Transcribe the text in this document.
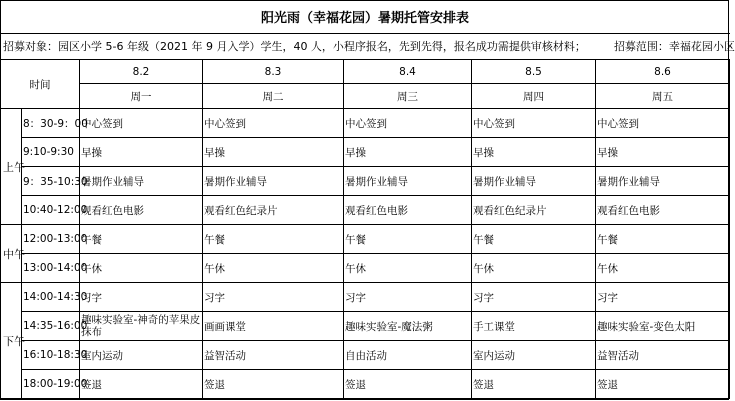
阳光雨（幸福花园）暑期托管安排表
招募对象：园区小学 5-6 年级（2021 年 9 月入学）学生，40 人，小程序报名，先到先得，报名成功需提供审核材料；	招募范围：幸福花园小区
时间		8.2	8.3	8.4	8.5	8.6
		周一	周二	周三	周四	周五
上午	8：30-9：00	中心签到	中心签到	中心签到	中心签到	中心签到
	9:10-9:30	早操	早操	早操	早操	早操
	9：35-10:30	暑期作业辅导	暑期作业辅导	暑期作业辅导	暑期作业辅导	暑期作业辅导
	10:40-12:00	观看红色电影	观看红色纪录片	观看红色电影	观看红色纪录片	观看红色电影
中午	12:00-13:00	午餐	午餐	午餐	午餐	午餐
	13:00-14:00	午休	午休	午休	午休	午休
下午	14:00-14:30	习字	习字	习字	习字	习字
	14:35-16:00	趣味实验室-神奇的苹果皮抹布	画画课堂	趣味实验室-魔法粥	手工课堂	趣味实验室-变色太阳
	16:10-18:30	室内运动	益智活动	自由活动	室内运动	益智活动
	18:00-19:00	签退	签退	签退	签退	签退
